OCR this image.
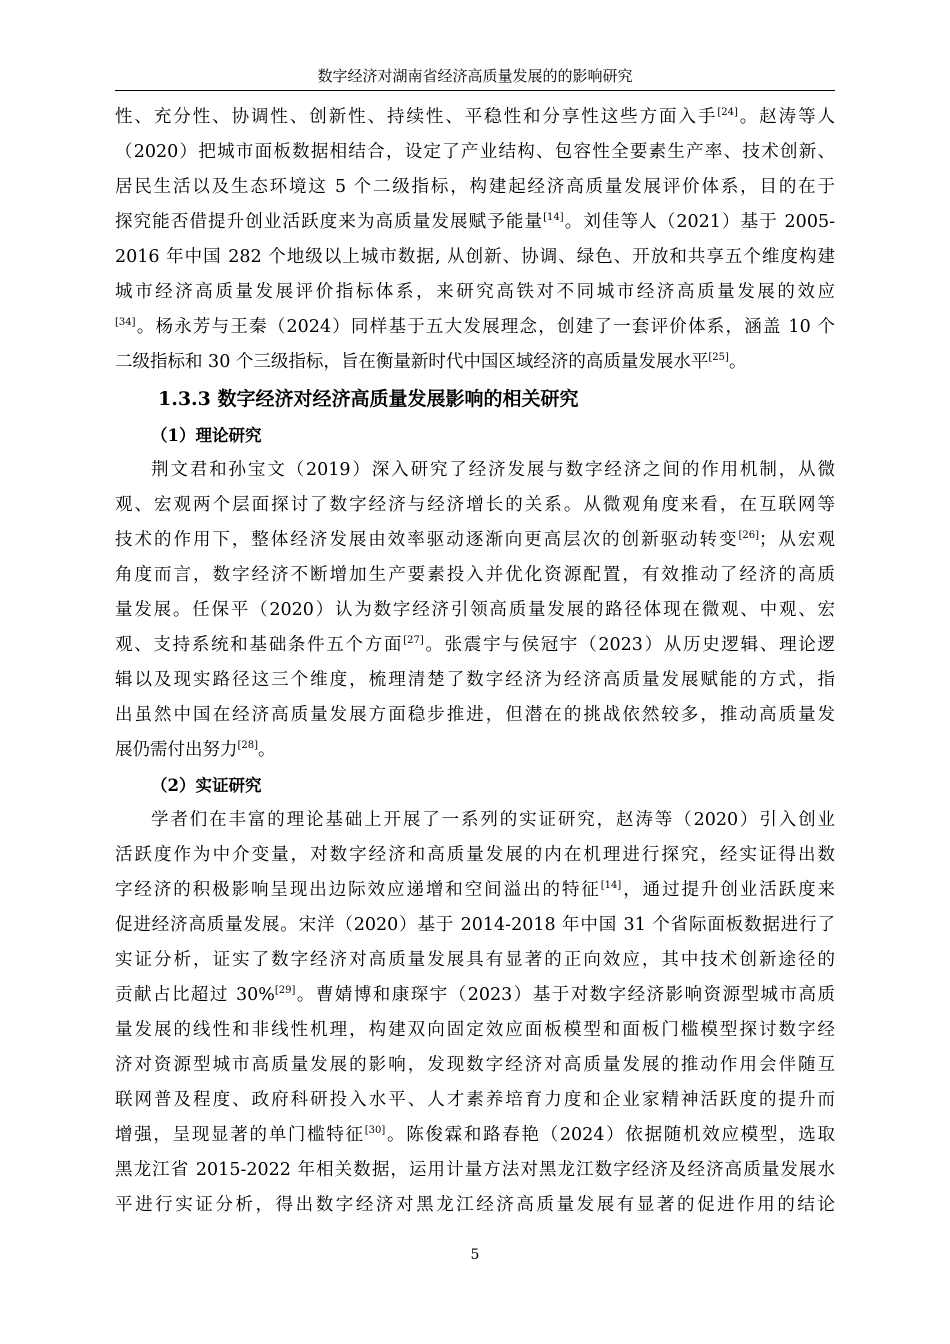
数字经济对湖南省经济高质量发展的的影响研究
性、充分性、协调性、创新性、持续性、平稳性和分享性这些方面入手[24]。赵涛等人
（2020）把城市面板数据相结合，设定了产业结构、包容性全要素生产率、技术创新、
居民生活以及生态环境这 5 个二级指标，构建起经济高质量发展评价体系，目的在于
探究能否借提升创业活跃度来为高质量发展赋予能量[14]。刘佳等人（2021）基于 2005-
2016 年中国 282 个地级以上城市数据, 从创新、协调、绿色、开放和共享五个维度构建
城市经济高质量发展评价指标体系，来研究高铁对不同城市经济高质量发展的效应
[34]。杨永芳与王秦（2024）同样基于五大发展理念，创建了一套评价体系，涵盖 10 个
二级指标和 30 个三级指标，旨在衡量新时代中国区域经济的高质量发展水平[25]。
1.3.3 数字经济对经济高质量发展影响的相关研究
（1）理论研究
荆文君和孙宝文（2019）深入研究了经济发展与数字经济之间的作用机制，从微
观、宏观两个层面探讨了数字经济与经济增长的关系。从微观角度来看，在互联网等
技术的作用下，整体经济发展由效率驱动逐渐向更高层次的创新驱动转变[26]；从宏观
角度而言，数字经济不断增加生产要素投入并优化资源配置，有效推动了经济的高质
量发展。任保平（2020）认为数字经济引领高质量发展的路径体现在微观、中观、宏
观、支持系统和基础条件五个方面[27]。张震宇与侯冠宇（2023）从历史逻辑、理论逻
辑以及现实路径这三个维度，梳理清楚了数字经济为经济高质量发展赋能的方式，指
出虽然中国在经济高质量发展方面稳步推进，但潜在的挑战依然较多，推动高质量发
展仍需付出努力[28]。
（2）实证研究
学者们在丰富的理论基础上开展了一系列的实证研究，赵涛等（2020）引入创业
活跃度作为中介变量，对数字经济和高质量发展的内在机理进行探究，经实证得出数
字经济的积极影响呈现出边际效应递增和空间溢出的特征[14]，通过提升创业活跃度来
促进经济高质量发展。宋洋（2020）基于 2014-2018 年中国 31 个省际面板数据进行了
实证分析，证实了数字经济对高质量发展具有显著的正向效应，其中技术创新途径的
贡献占比超过 30%[29]。曹婧博和康琛宇（2023）基于对数字经济影响资源型城市高质
量发展的线性和非线性机理，构建双向固定效应面板模型和面板门槛模型探讨数字经
济对资源型城市高质量发展的影响，发现数字经济对高质量发展的推动作用会伴随互
联网普及程度、政府科研投入水平、人才素养培育力度和企业家精神活跃度的提升而
增强，呈现显著的单门槛特征[30]。陈俊霖和路春艳（2024）依据随机效应模型，选取
黑龙江省 2015-2022 年相关数据，运用计量方法对黑龙江数字经济及经济高质量发展水
平进行实证分析，得出数字经济对黑龙江经济高质量发展有显著的促进作用的结论
5
